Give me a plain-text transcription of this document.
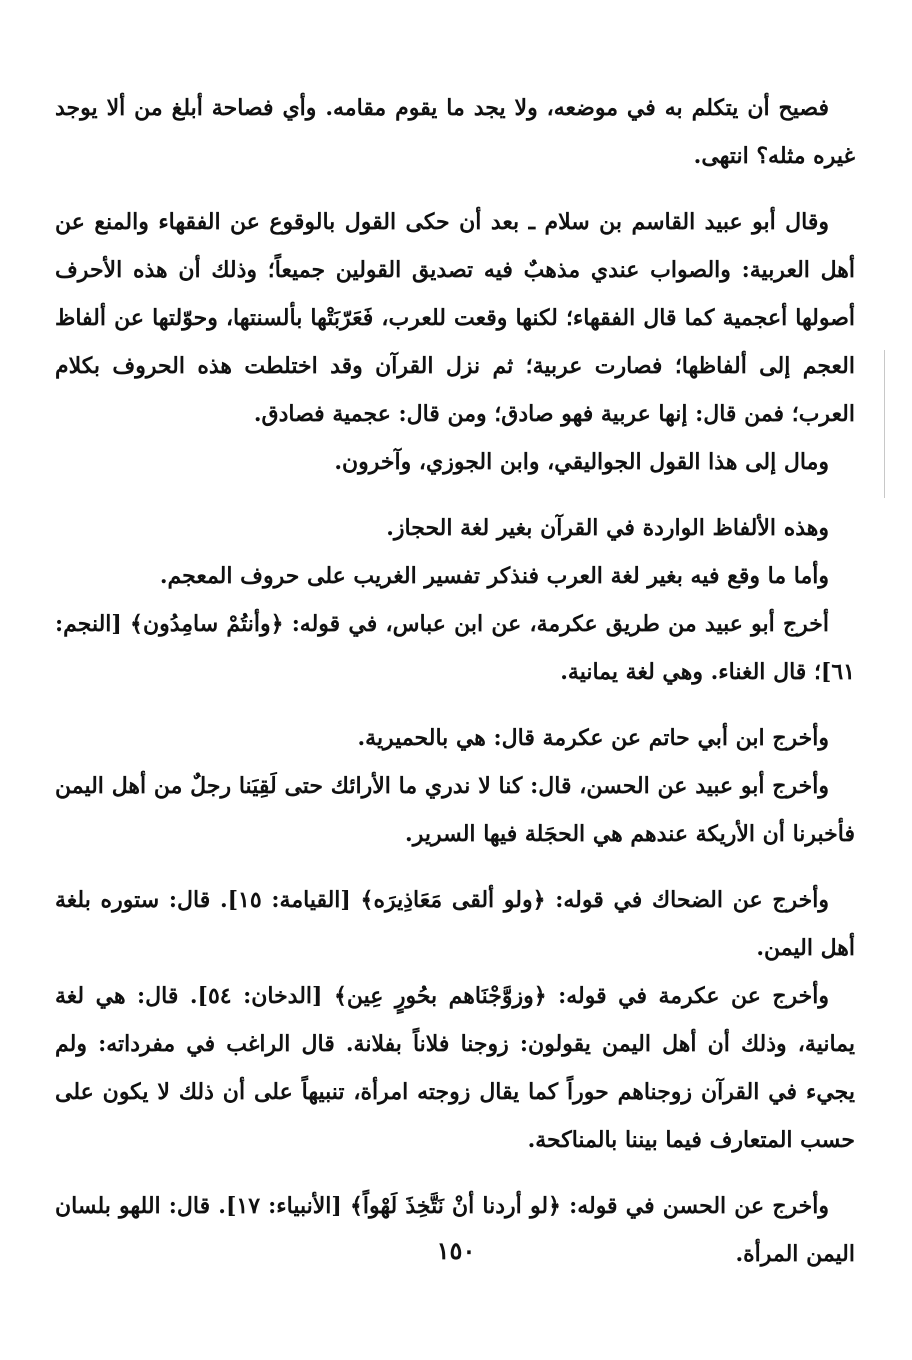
فصيح أن يتكلم به في موضعه، ولا يجد ما يقوم مقامه. وأي فصاحة أبلغ من ألا يوجد غيره مثله؟ انتهى.

وقال أبو عبيد القاسم بن سلام ـ بعد أن حكى القول بالوقوع عن الفقهاء والمنع عن أهل العربية: والصواب عندي مذهبٌ فيه تصديق القولين جميعاً؛ وذلك أن هذه الأحرف أصولها أعجمية كما قال الفقهاء؛ لكنها وقعت للعرب، فَعَرّبَتْها بألسنتها، وحوّلتها عن ألفاظ العجم إلى ألفاظها؛ فصارت عربية؛ ثم نزل القرآن وقد اختلطت هذه الحروف بكلام العرب؛ فمن قال: إنها عربية فهو صادق؛ ومن قال: عجمية فصادق.

ومال إلى هذا القول الجواليقي، وابن الجوزي، وآخرون.

وهذه الألفاظ الواردة في القرآن بغير لغة الحجاز.

وأما ما وقع فيه بغير لغة العرب فنذكر تفسير الغريب على حروف المعجم.

أخرج أبو عبيد من طريق عكرمة، عن ابن عباس، في قوله: ﴿وأنتُمْ سامِدُون﴾ [النجم: ٦١]؛ قال الغناء. وهي لغة يمانية.

وأخرج ابن أبي حاتم عن عكرمة قال: هي بالحميرية.

وأخرج أبو عبيد عن الحسن، قال: كنا لا ندري ما الأرائك حتى لَقِيَنا رجلٌ من أهل اليمن فأخبرنا أن الأريكة عندهم هي الحجَلة فيها السرير.

وأخرج عن الضحاك في قوله: ﴿ولو ألقى مَعَاذِيرَه﴾ [القيامة: ١٥]. قال: ستوره بلغة أهل اليمن.

وأخرج عن عكرمة في قوله: ﴿وزوَّجْنَاهم بحُورٍ عِين﴾ [الدخان: ٥٤]. قال: هي لغة يمانية، وذلك أن أهل اليمن يقولون: زوجنا فلاناً بفلانة. قال الراغب في مفرداته: ولم يجيء في القرآن زوجناهم حوراً كما يقال زوجته امرأة، تنبيهاً على أن ذلك لا يكون على حسب المتعارف فيما بيننا بالمناكحة.

وأخرج عن الحسن في قوله: ﴿لو أردنا أنْ نَتَّخِذَ لَهْواً﴾ [الأنبياء: ١٧]. قال: اللهو بلسان اليمن المرأة.

١٥٠
